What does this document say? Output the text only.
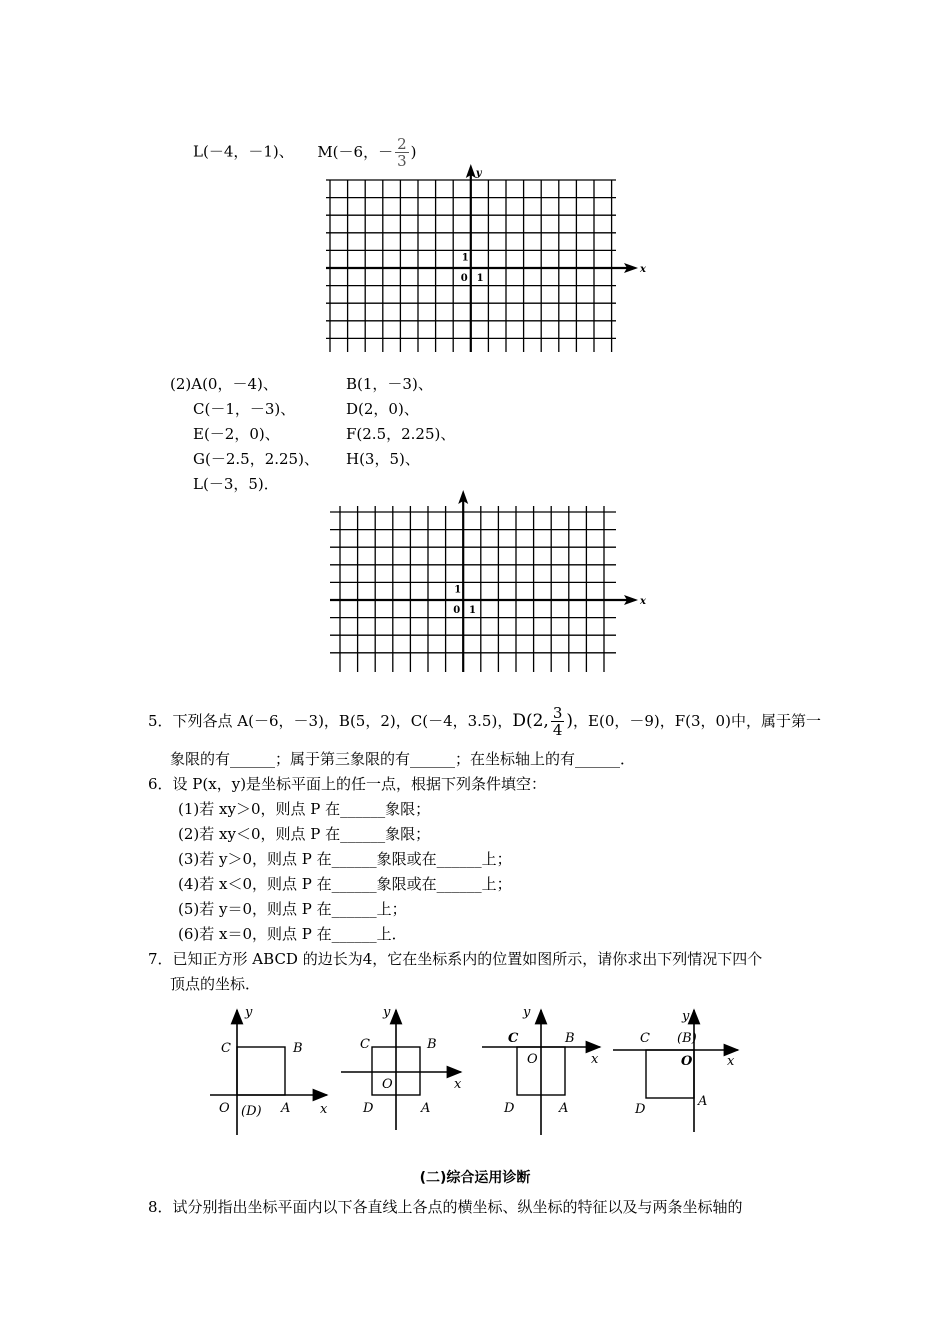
L(－4，－1)、 M(－6，－ $\frac{2}{3}$ )
x
y
0 1
1
(2)A(0，－4)、	B(1，－3)、
C(－1，－3)、	D(2，0)、
E(－2，0)、	F(2.5，2.25)、
G(－2.5，2.25)、 H(3，5)、
L(－3，5)．
x
0 1
1
5．下列各点 A(－6，－3)，B(5，2)，C(－4，3.5)，D(2, $\frac{3}{4}$ )，E(0，－9)，F(3，0)中，属于第一
象限的有______；属于第三象限的有______；在坐标轴上的有______．
6．设 P(x，y)是坐标平面上的任一点，根据下列条件填空：
(1)若 xy＞0，则点 P 在______象限；
(2)若 xy＜0，则点 P 在______象限；
(3)若 y＞0，则点 P 在______象限或在______上；
(4)若 x＜0，则点 P 在______象限或在______上；
(5)若 y＝0，则点 P 在______上；
(6)若 x＝0，则点 P 在______上．
7．已知正方形 ABCD 的边长为4，它在坐标系内的位置如图所示，请你求出下列情况下四个
顶点的坐标．
y
x
C	B
O (D) A
y
x
C	B
O
D	A
y
x
C	B
O
D	A
y
x
C (B)
O
D
A
(二)综合运用诊断
8．试分别指出坐标平面内以下各直线上各点的横坐标、纵坐标的特征以及与两条坐标轴的
